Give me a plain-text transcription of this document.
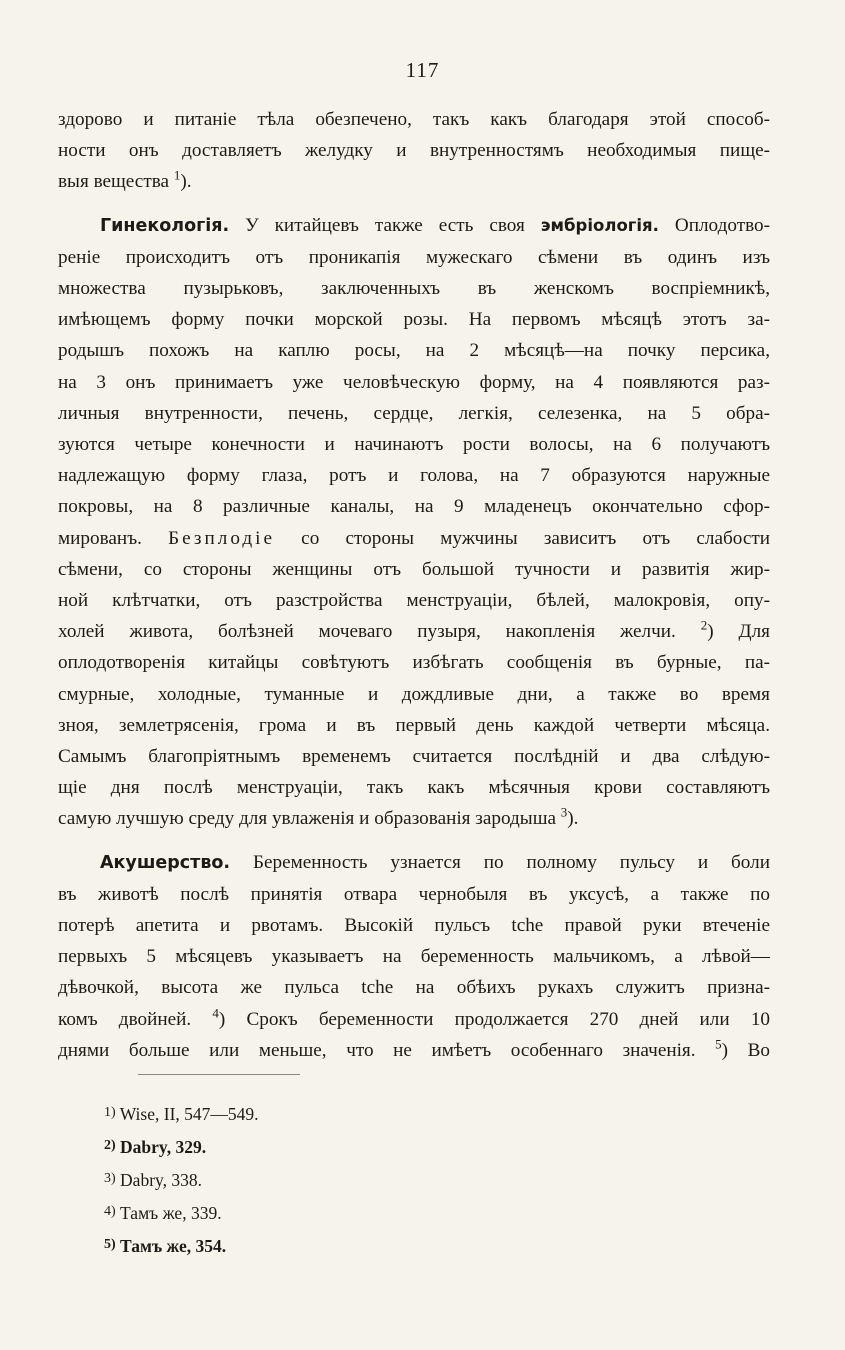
117

здорово и питаніе тѣла обезпечено, такъ какъ благодаря этой способ-
ности онъ доставляетъ желудку и внутренностямъ необходимыя пище-
выя вещества $^1$).

Гинекологія. У китайцевъ также есть своя эмбріологія. Оплодотво-
реніе происходитъ отъ проникапія мужескаго сѣмени въ одинъ изъ
множества пузырьковъ, заключенныхъ въ женскомъ воспріемникѣ,
имѣющемъ форму почки морской розы. На первомъ мѣсяцѣ этотъ за-
родышъ похожъ на каплю росы, на 2 мѣсяцѣ—на почку персика,
на 3 онъ принимаетъ уже человѣческую форму, на 4 появляются раз-
личныя внутренности, печень, сердце, легкія, селезенка, на 5 обра-
зуются четыре конечности и начинаютъ рости волосы, на 6 получаютъ
надлежащую форму глаза, ротъ и голова, на 7 образуются наружные
покровы, на 8 различные каналы, на 9 младенецъ окончательно сфор-
мированъ. Безплодіе со стороны мужчины зависитъ отъ слабости
сѣмени, со стороны женщины отъ большой тучности и развитія жир-
ной клѣтчатки, отъ разстройства менструаціи, бѣлей, малокровія, опу-
холей живота, болѣзней мочеваго пузыря, накопленія желчи. $^2$) Для
оплодотворенія китайцы совѣтуютъ избѣгать сообщенія въ бурные, па-
смурные, холодные, туманные и дождливые дни, а также во время
зноя, землетрясенія, грома и въ первый день каждой четверти мѣсяца.
Самымъ благопріятнымъ временемъ считается послѣдній и два слѣдую-
щіе дня послѣ менструаціи, такъ какъ мѣсячныя крови составляютъ
самую лучшую среду для увлаженія и образованія зародыша $^3$).

Акушерство. Беременность узнается по полному пульсу и боли
въ животѣ послѣ принятія отвара чернобыля въ уксусѣ, а также по
потерѣ апетита и рвотамъ. Высокій пульсъ tche правой руки втеченіе
первыхъ 5 мѣсяцевъ указываетъ на беременность мальчикомъ, а лѣвой—
дѣвочкой, высота же пульса tche на обѣихъ рукахъ служитъ призна-
комъ двойней. $^4$) Срокъ беременности продолжается 270 дней или 10
днями больше или меньше, что не имѣетъ особеннаго значенія. $^5$) Во

$^{1)}$ Wise, II, 547—549.
$^{2)}$ Dabry, 329.
$^{3)}$ Dabry, 338.
$^{4)}$ Тамъ же, 339.
$^{5)}$ Тамъ же, 354.
